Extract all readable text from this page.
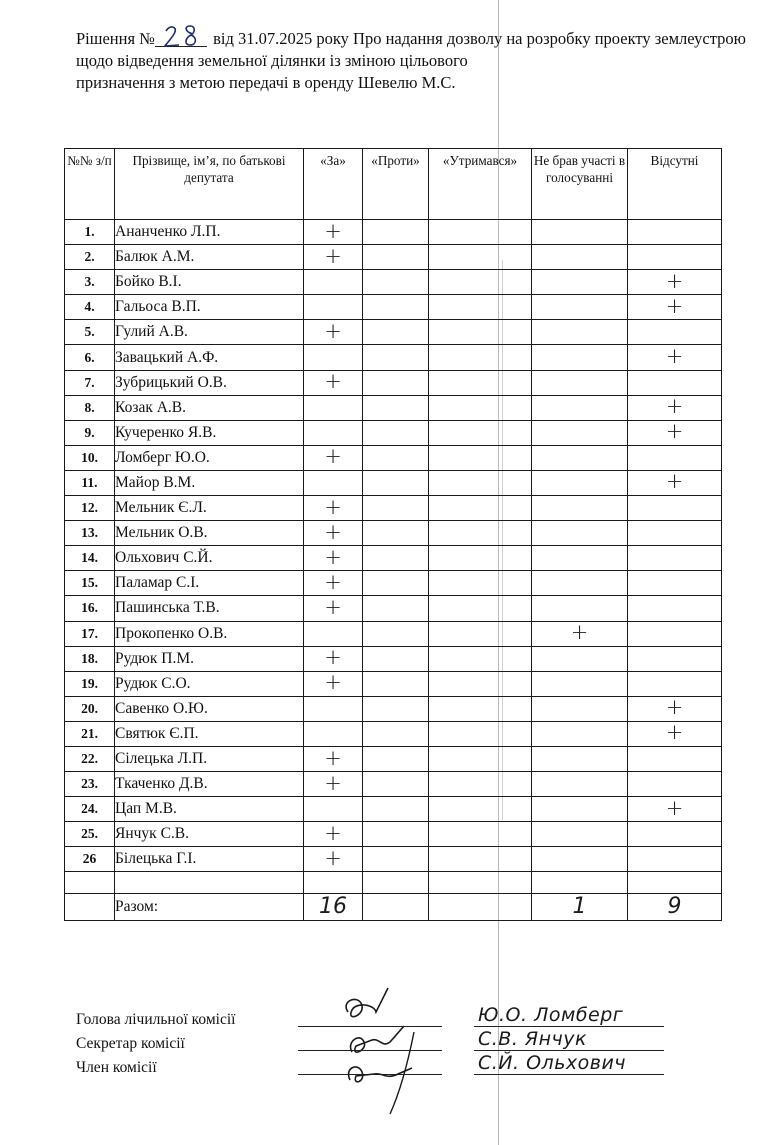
Рішення №	від 31.07.2025 року Про надання дозволу на розробку проекту землеустрою щодо відведення земельної ділянки із зміною цільового
призначення з метою передачі в оренду Шевелю М.С.
№№ з/п	Прізвище, ім’я, по батькові депутата	«За»	«Проти»	«Утримався»	Не брав участі в голосуванні	Відсутні
1.	Ананченко Л.П.	+				
2.	Балюк А.М.	+				
3.	Бойко В.І.					+
4.	Гальоса В.П.					+
5.	Гулий А.В.	+				
6.	Завацький А.Ф.					+
7.	Зубрицький О.В.	+				
8.	Козак А.В.					+
9.	Кучеренко Я.В.					+
10.	Ломберг Ю.О.	+				
11.	Майор В.М.					+
12.	Мельник Є.Л.	+				
13.	Мельник О.В.	+				
14.	Ольхович С.Й.	+				
15.	Паламар С.І.	+				
16.	Пашинська Т.В.	+				
17.	Прокопенко О.В.				+	
18.	Рудюк П.М.	+				
19.	Рудюк С.О.	+				
20.	Савенко О.Ю.					+
21.	Святюк Є.П.					+
22.	Сілецька Л.П.	+				
23.	Ткаченко Д.В.	+				
24.	Цап М.В.					+
25.	Янчук С.В.	+				
26	Білецька Г.І.	+				

	Разом:	16			1	9
Голова лічильної комісії	Ю.О. Ломберг
Секретар комісії	С.В. Янчук
Член комісії	С.Й. Ольхович
